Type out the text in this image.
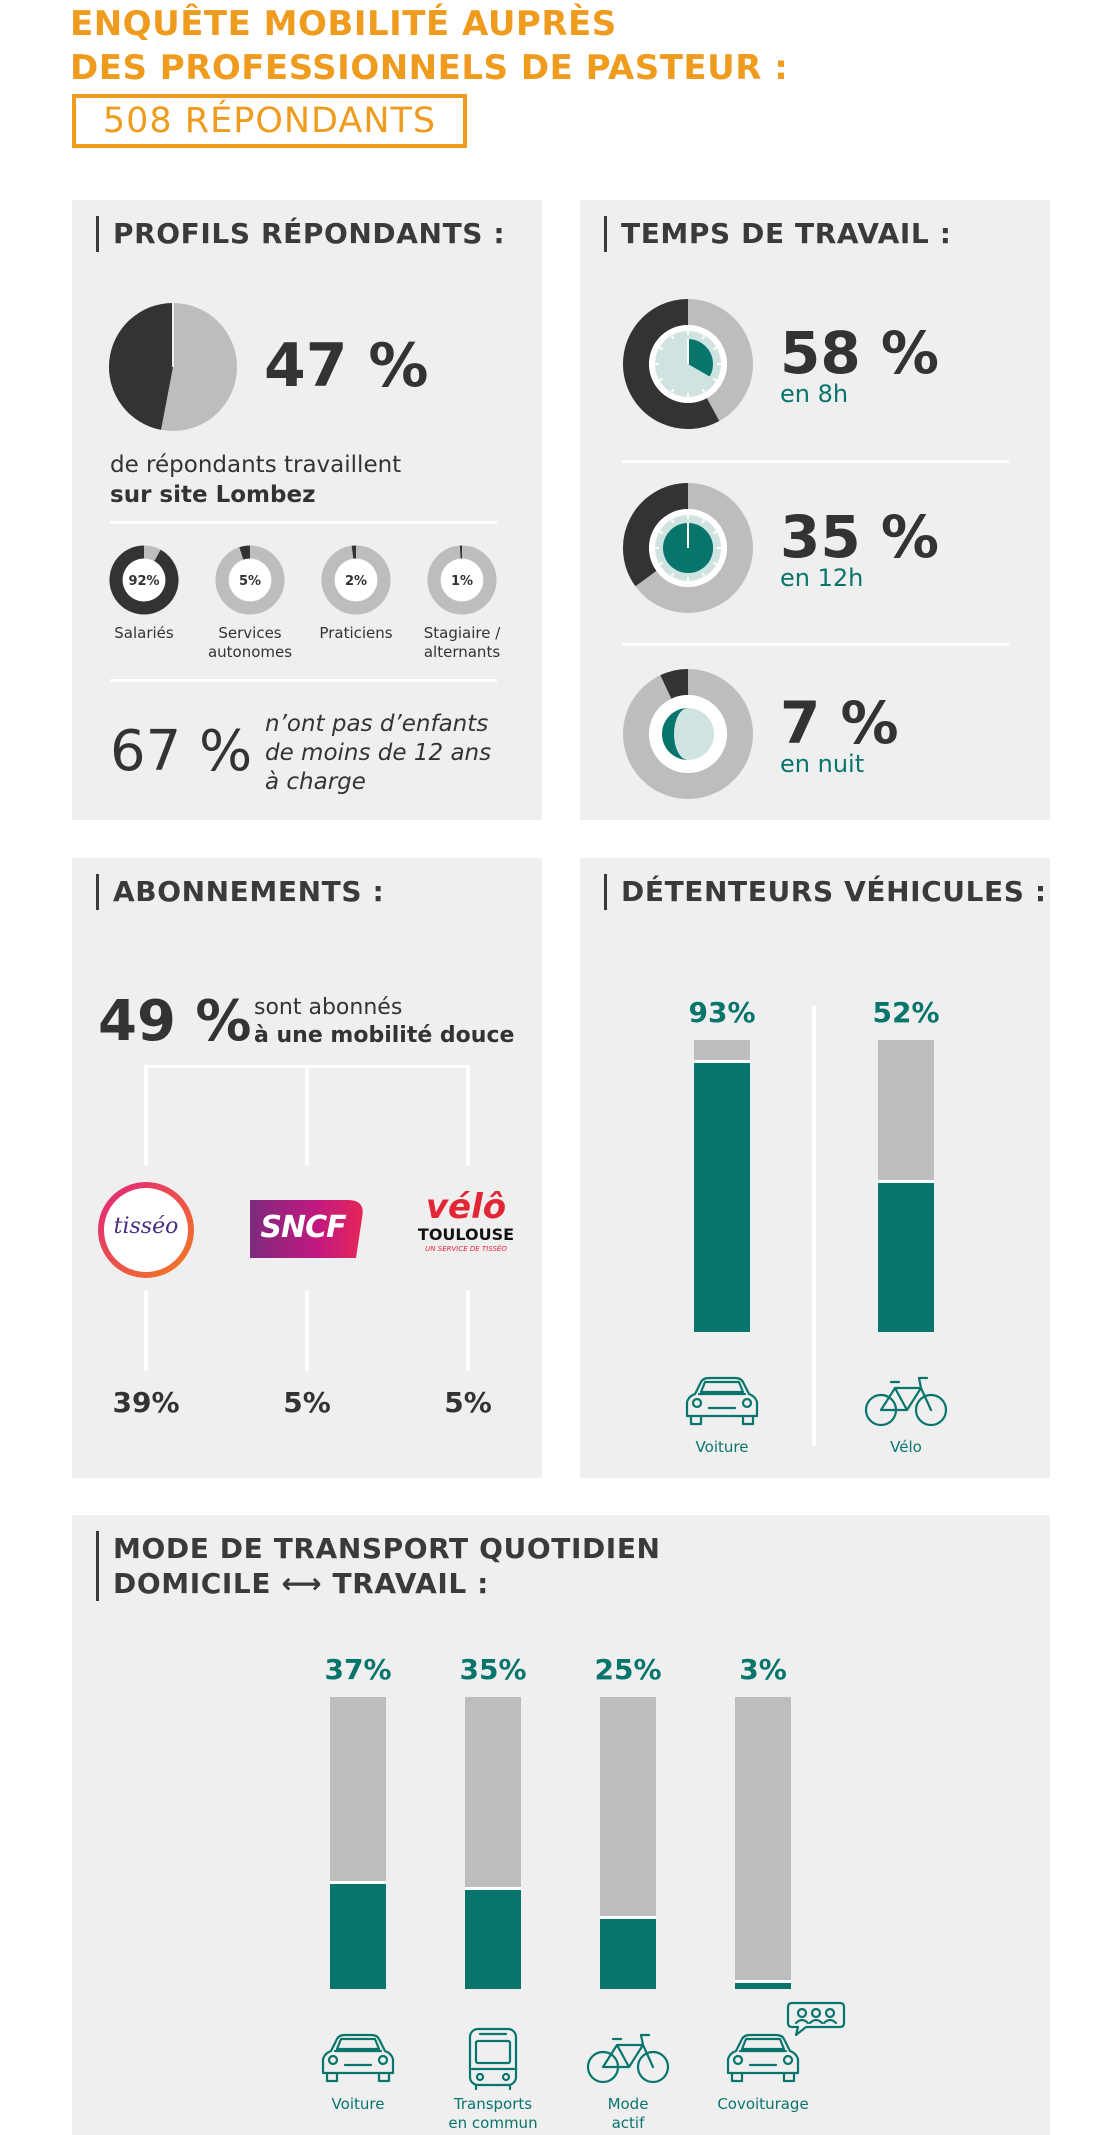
ENQUÊTE MOBILITÉ AUPRÈS
DES PROFESSIONNELS DE PASTEUR :
508 RÉPONDANTS
PROFILS RÉPONDANTS :
47 %
de répondants travaillent
sur site Lombez
67 % n’ont pas d’enfants
de moins de 12 ans
à charge
92%
Salariés
5%
Services
autonomes
2%
Praticiens
1%
Stagiaire /
alternants
TEMPS DE TRAVAIL :
58 %
en 8h
35 %
en 12h
7 %
en nuit
ABONNEMENTS :
49 % sont abonnés
à une mobilité douce
tisséo	SNCF
vélô
TOULOUSE
UN SERVICE DE TISSÉO
39%	5%	5%
DÉTENTEURS VÉHICULES :
93%
Voiture
52%
Vélo
MODE DE TRANSPORT QUOTIDIEN
DOMICILE ⟷ TRAVAIL :
37%
Voiture
35%
Transports
en commun
25%
Mode
actif
3%
Covoiturage
